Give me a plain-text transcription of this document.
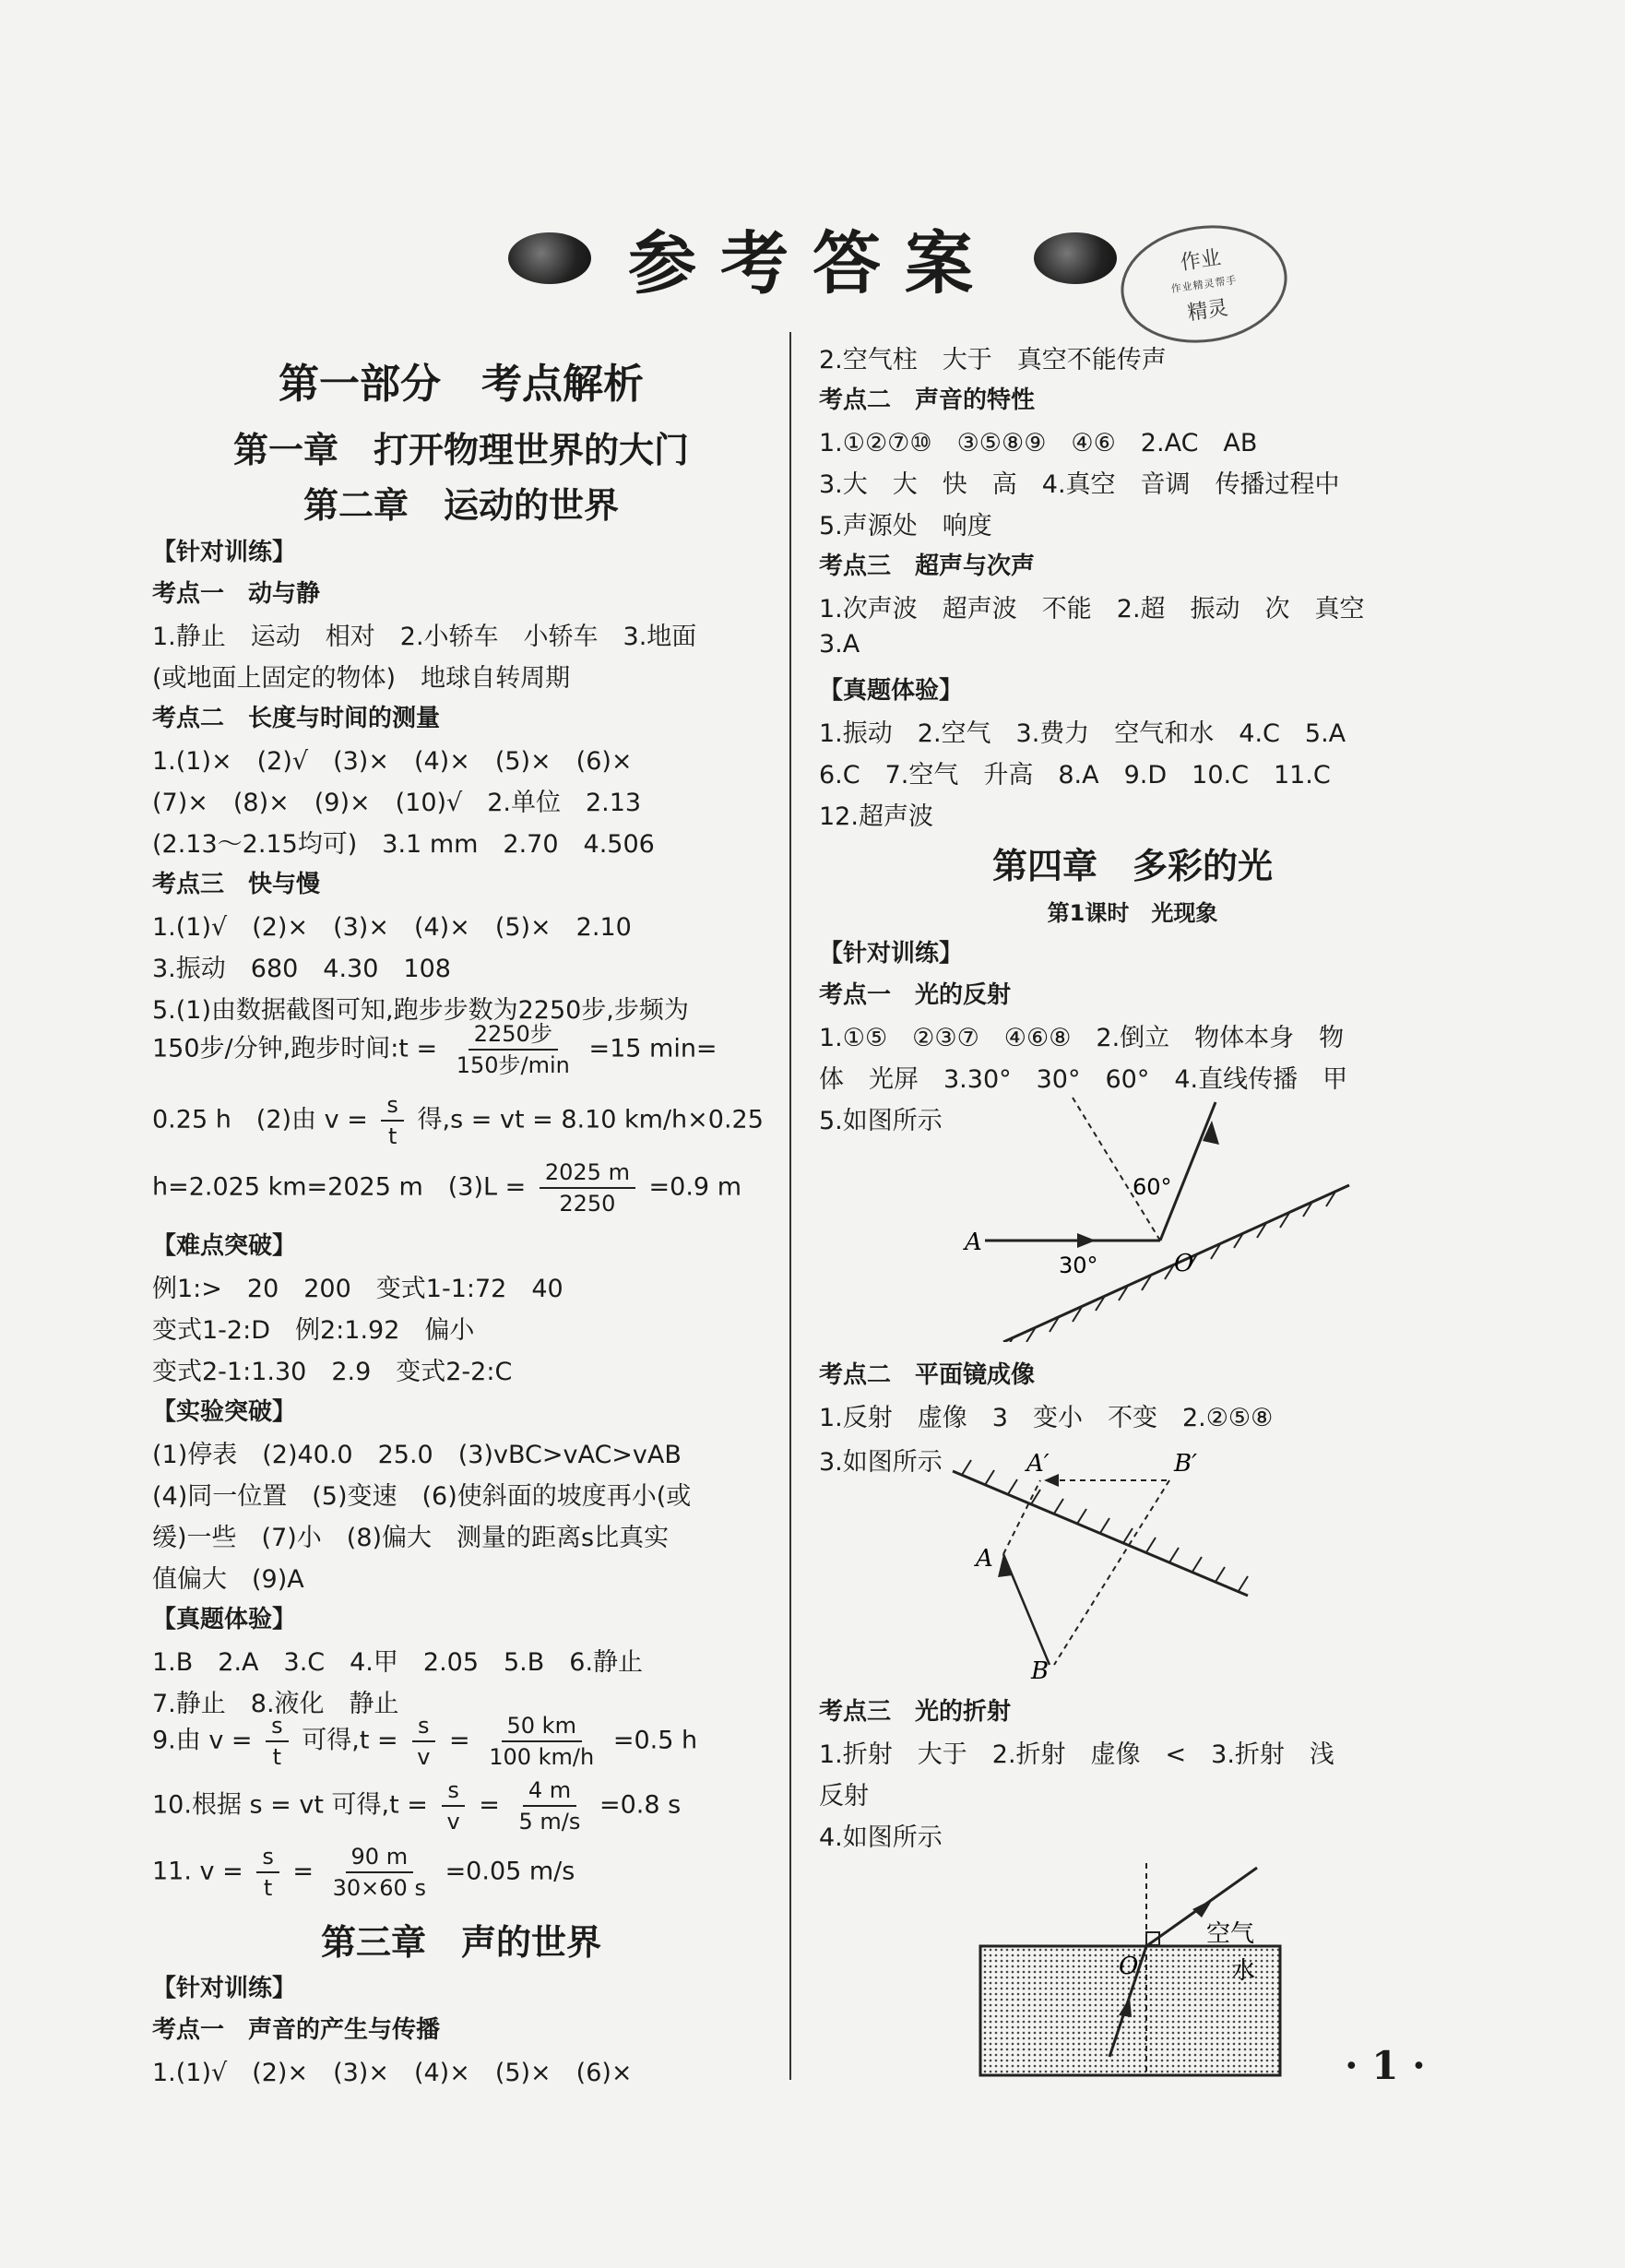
参考答案	作业
作业精灵帮手
精灵
第一部分　考点解析
第一章　打开物理世界的大门
第二章　运动的世界
【针对训练】
考点一　动与静
1.静止　运动　相对　2.小轿车　小轿车　3.地面
(或地面上固定的物体)　地球自转周期
考点二　长度与时间的测量
1.(1)×　(2)√　(3)×　(4)×　(5)×　(6)×
(7)×　(8)×　(9)×　(10)√　2.单位　2.13
(2.13～2.15均可)　3.1 mm　2.70　4.506
考点三　快与慢
1.(1)√　(2)×　(3)×　(4)×　(5)×　2.10
3.振动　680　4.30　108
5.(1)由数据截图可知,跑步步数为2250步,步频为
150步/分钟,跑步时间:t = $\frac{\text{2250步}}{\text{150步/min}} =15$ min=
0.25 h　(2)由 $v = \frac{s}{t}$ 得,s = vt = 8.10 km/h×0.25
h=2.025 km=2025 m　$(3)L = \frac{2025 m}{2250} =0.9$ m
【难点突破】
例1:>　20　200　变式1-1:72　40
变式1-2:D　例2:1.92　偏小
变式2-1:1.30　2.9　变式2-2:C
【实验突破】
(1)停表　(2)40.0　25.0　(3)vBC>vAC>vAB
(4)同一位置　(5)变速　(6)使斜面的坡度再小(或
缓)一些　(7)小　(8)偏大　测量的距离s比真实
值偏大　(9)A
【真题体验】
1.B　2.A　3.C　4.甲　2.05　5.B　6.静止
7.静止　8.液化　静止
9.由 $v = \frac{s}{t}$ 可得$,t = \frac{s}{v} = \frac{50 km}{100 km/h} =0.5$ h
10.根据 s = vt 可得$,t = \frac{s}{v} = \frac{4 m}{5 m/s} =0.8$ s
11. $v = \frac{s}{t} = \frac{90 m}{30\times 60 s} =0.05$ m/s
第三章　声的世界
【针对训练】
考点一　声音的产生与传播
1.(1)√　(2)×　(3)×　(4)×　(5)×　(6)×
2.空气柱　大于　真空不能传声
考点二　声音的特性
1.①②⑦⑩　③⑤⑧⑨　④⑥　2.AC　AB
3.大　大　快　高　4.真空　音调　传播过程中
5.声源处　响度
考点三　超声与次声
1.次声波　超声波　不能　2.超　振动　次　真空
3.A
【真题体验】
1.振动　2.空气　3.费力　空气和水　4.C　5.A
6.C　7.空气　升高　8.A　9.D　10.C　11.C
12.超声波
第四章　多彩的光
第1课时　光现象
【针对训练】
考点一　光的反射
1.①⑤　②③⑦　④⑥⑧　2.倒立　物体本身　物
体　光屏　3.30°　30°　60°　4.直线传播　甲
5.如图所示
A
O
60°
30°
考点二　平面镜成像
1.反射　虚像　3　变小　不变　2.②⑤⑧
3.如图所示	A′	B′
A
B
考点三　光的折射
1.折射　大于　2.折射　虚像　<　3.折射　浅
反射
4.如图所示
O
空气
水
· 1 ·
